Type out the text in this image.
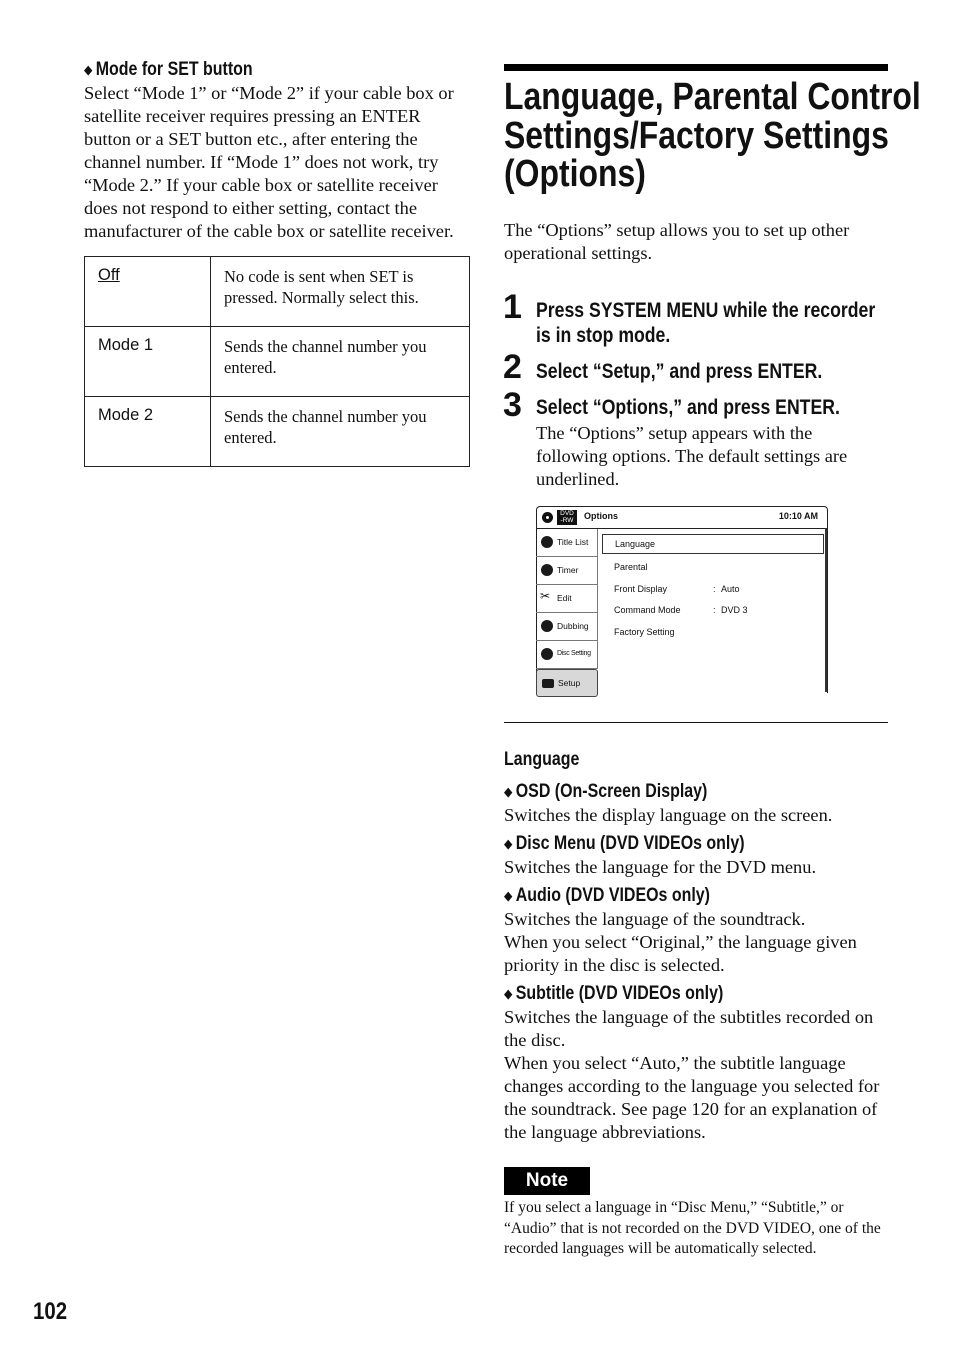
◆ Mode for SET button
Select “Mode 1” or “Mode 2” if your cable box or satellite receiver requires pressing an ENTER button or a SET button etc., after entering the channel number. If “Mode 1” does not work, try “Mode 2.” If your cable box or satellite receiver does not respond to either setting, contact the manufacturer of the cable box or satellite receiver.
Off	No code is sent when SET is pressed. Normally select this.
Mode 1	Sends the channel number you entered.
Mode 2	Sends the channel number you entered.
Language, Parental Control
Settings/Factory Settings
(Options)
The “Options” setup allows you to set up other operational settings.
1 Press SYSTEM MENU while the recorder is in stop mode.
2 Select “Setup,” and press ENTER.
3 Select “Options,” and press ENTER.
The “Options” setup appears with the following options. The default settings are underlined.
DVD
-RW	Options	10:10 AM
Title List
Timer
✂ Edit
Dubbing
Disc Setting
Setup
Language
Parental
Front Display	: Auto
Command Mode	: DVD 3
Factory Setting
Language
◆ OSD (On-Screen Display)
Switches the display language on the screen.
◆ Disc Menu (DVD VIDEOs only)
Switches the language for the DVD menu.
◆ Audio (DVD VIDEOs only)
Switches the language of the soundtrack.
When you select “Original,” the language given priority in the disc is selected.
◆ Subtitle (DVD VIDEOs only)
Switches the language of the subtitles recorded on the disc.
When you select “Auto,” the subtitle language changes according to the language you selected for the soundtrack. See page 120 for an explanation of the language abbreviations.
Note
If you select a language in “Disc Menu,” “Subtitle,” or “Audio” that is not recorded on the DVD VIDEO, one of the recorded languages will be automatically selected.
102
